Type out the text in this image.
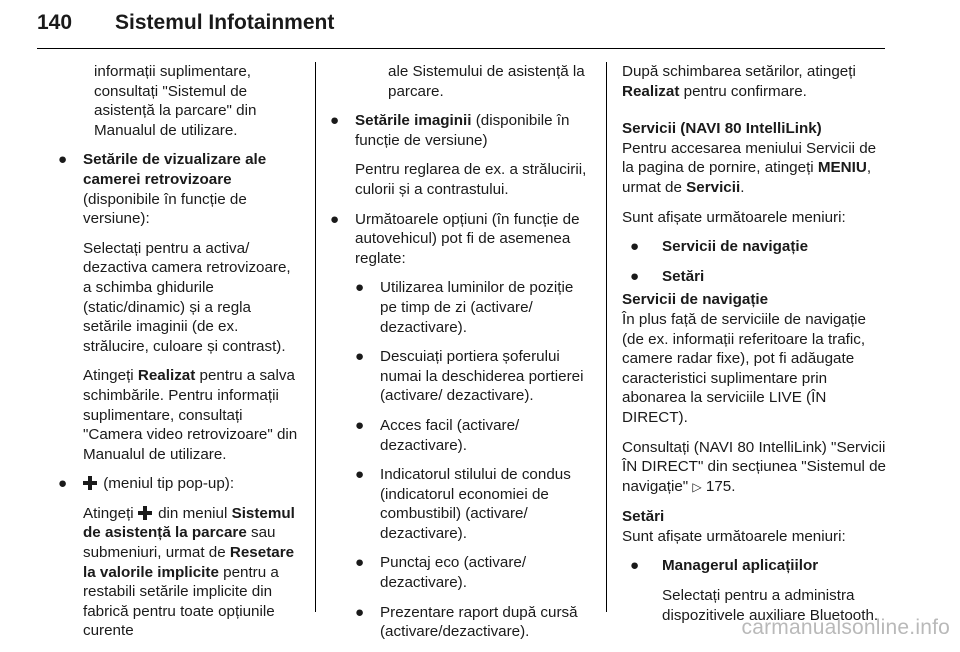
140 Sistemul Infotainment

informații suplimentare, consultați "Sistemul de asistență la parcare" din Manualul de utilizare.

● Setările de vizualizare ale camerei retrovizoare

(disponibile în funcție de versiune):

Selectați pentru a activa/ dezactiva camera retrovizoare, a schimba ghidurile (static/dinamic) și a regla setările imaginii (de ex. strălucire, culoare și contrast).

Atingeți Realizat pentru a salva schimbările. Pentru informații suplimentare, consultați "Camera video retrovizoare" din Manualul de utilizare.

●	(meniul tip pop-up):

Atingeți  din meniul Sistemul de asistență la parcare sau submeniuri, urmat de Resetare la valorile implicite pentru a restabili setările implicite din fabrică pentru toate opțiunile curente

ale Sistemului de asistență la parcare.

● Setările imaginii (disponibile în funcție de versiune)

Pentru reglarea de ex. a strălucirii, culorii și a contrastului.

● Următoarele opțiuni (în funcție de autovehicul) pot fi de asemenea reglate:

● Utilizarea luminilor de poziție pe timp de zi (activare/ dezactivare).
● Descuiați portiera șoferului numai la deschiderea portierei (activare/ dezactivare).
● Acces facil (activare/ dezactivare).
● Indicatorul stilului de condus (indicatorul economiei de combustibil) (activare/ dezactivare).
● Punctaj eco (activare/ dezactivare).
● Prezentare raport după cursă (activare/dezactivare).

După schimbarea setărilor, atingeți Realizat pentru confirmare.

Servicii (NAVI 80 IntelliLink)

Pentru accesarea meniului Servicii de la pagina de pornire, atingeți MENIU, urmat de Servicii.

Sunt afișate următoarele meniuri:

● Servicii de navigație
● Setări
Servicii de navigație

În plus față de serviciile de navigație (de ex. informații referitoare la trafic, camere radar fixe), pot fi adăugate caracteristici suplimentare prin abonarea la serviciile LIVE (ÎN DIRECT).

Consultați (NAVI 80 IntelliLink) "Servicii ÎN DIRECT" din secțiunea "Sistemul de navigație" ▷ 175.

Setări

Sunt afișate următoarele meniuri:

● Managerul aplicațiilor
Selectați pentru a administra dispozitivele auxiliare Bluetooth.
carmanualsonline.info
